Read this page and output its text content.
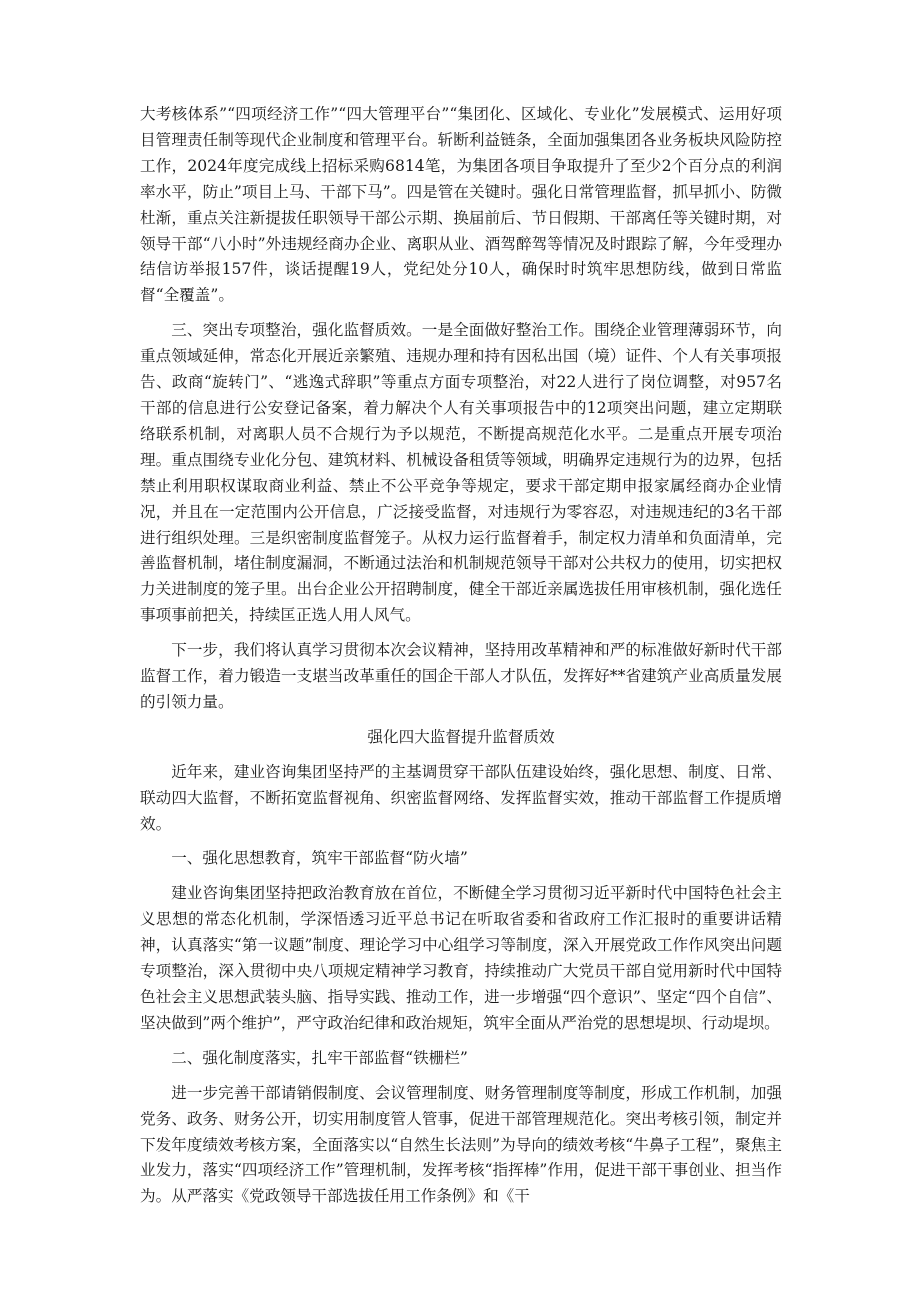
大考核体系”“四项经济工作”“四大管理平台”“集团化、区域化、专业化”发展模式、运用好项目管理责任制等现代企业制度和管理平台。斩断利益链条，全面加强集团各业务板块风险防控工作，2024年度完成线上招标采购6814笔，为集团各项目争取提升了至少2个百分点的利润率水平，防止”项目上马、干部下马”。四是管在关键时。强化日常管理监督，抓早抓小、防微杜渐，重点关注新提拔任职领导干部公示期、换届前后、节日假期、干部离任等关键时期，对领导干部“八小时”外违规经商办企业、离职从业、酒驾醉驾等情况及时跟踪了解，今年受理办结信访举报157件，谈话提醒19人，党纪处分10人，确保时时筑牢思想防线，做到日常监督“全覆盖”。

三、突出专项整治，强化监督质效。一是全面做好整治工作。围绕企业管理薄弱环节，向重点领域延伸，常态化开展近亲繁殖、违规办理和持有因私出国（境）证件、个人有关事项报告、政商“旋转门”、“逃逸式辞职”等重点方面专项整治，对22人进行了岗位调整，对957名干部的信息进行公安登记备案，着力解决个人有关事项报告中的12项突出问题，建立定期联络联系机制，对离职人员不合规行为予以规范，不断提高规范化水平。二是重点开展专项治理。重点围绕专业化分包、建筑材料、机械设备租赁等领域，明确界定违规行为的边界，包括禁止利用职权谋取商业利益、禁止不公平竞争等规定，要求干部定期申报家属经商办企业情况，并且在一定范围内公开信息，广泛接受监督，对违规行为零容忍，对违规违纪的3名干部进行组织处理。三是织密制度监督笼子。从权力运行监督着手，制定权力清单和负面清单，完善监督机制，堵住制度漏洞，不断通过法治和机制规范领导干部对公共权力的使用，切实把权力关进制度的笼子里。出台企业公开招聘制度，健全干部近亲属选拔任用审核机制，强化选任事项事前把关，持续匡正选人用人风气。

下一步，我们将认真学习贯彻本次会议精神，坚持用改革精神和严的标准做好新时代干部监督工作，着力锻造一支堪当改革重任的国企干部人才队伍，发挥好**省建筑产业高质量发展的引领力量。

强化四大监督提升监督质效

近年来，建业咨询集团坚持严的主基调贯穿干部队伍建设始终，强化思想、制度、日常、联动四大监督，不断拓宽监督视角、织密监督网络、发挥监督实效，推动干部监督工作提质增效。

一、强化思想教育，筑牢干部监督“防火墙”

建业咨询集团坚持把政治教育放在首位，不断健全学习贯彻习近平新时代中国特色社会主义思想的常态化机制，学深悟透习近平总书记在听取省委和省政府工作汇报时的重要讲话精神，认真落实“第一议题”制度、理论学习中心组学习等制度，深入开展党政工作作风突出问题专项整治，深入贯彻中央八项规定精神学习教育，持续推动广大党员干部自觉用新时代中国特色社会主义思想武装头脑、指导实践、推动工作，进一步增强“四个意识”、坚定“四个自信”、坚决做到”两个维护”，严守政治纪律和政治规矩，筑牢全面从严治党的思想堤坝、行动堤坝。

二、强化制度落实，扎牢干部监督“铁栅栏”

进一步完善干部请销假制度、会议管理制度、财务管理制度等制度，形成工作机制，加强党务、政务、财务公开，切实用制度管人管事，促进干部管理规范化。突出考核引领，制定并下发年度绩效考核方案，全面落实以“自然生长法则”为导向的绩效考核“牛鼻子工程”，聚焦主业发力，落实“四项经济工作”管理机制，发挥考核“指挥棒”作用，促进干部干事创业、担当作为。从严落实《党政领导干部选拔任用工作条例》和《干
